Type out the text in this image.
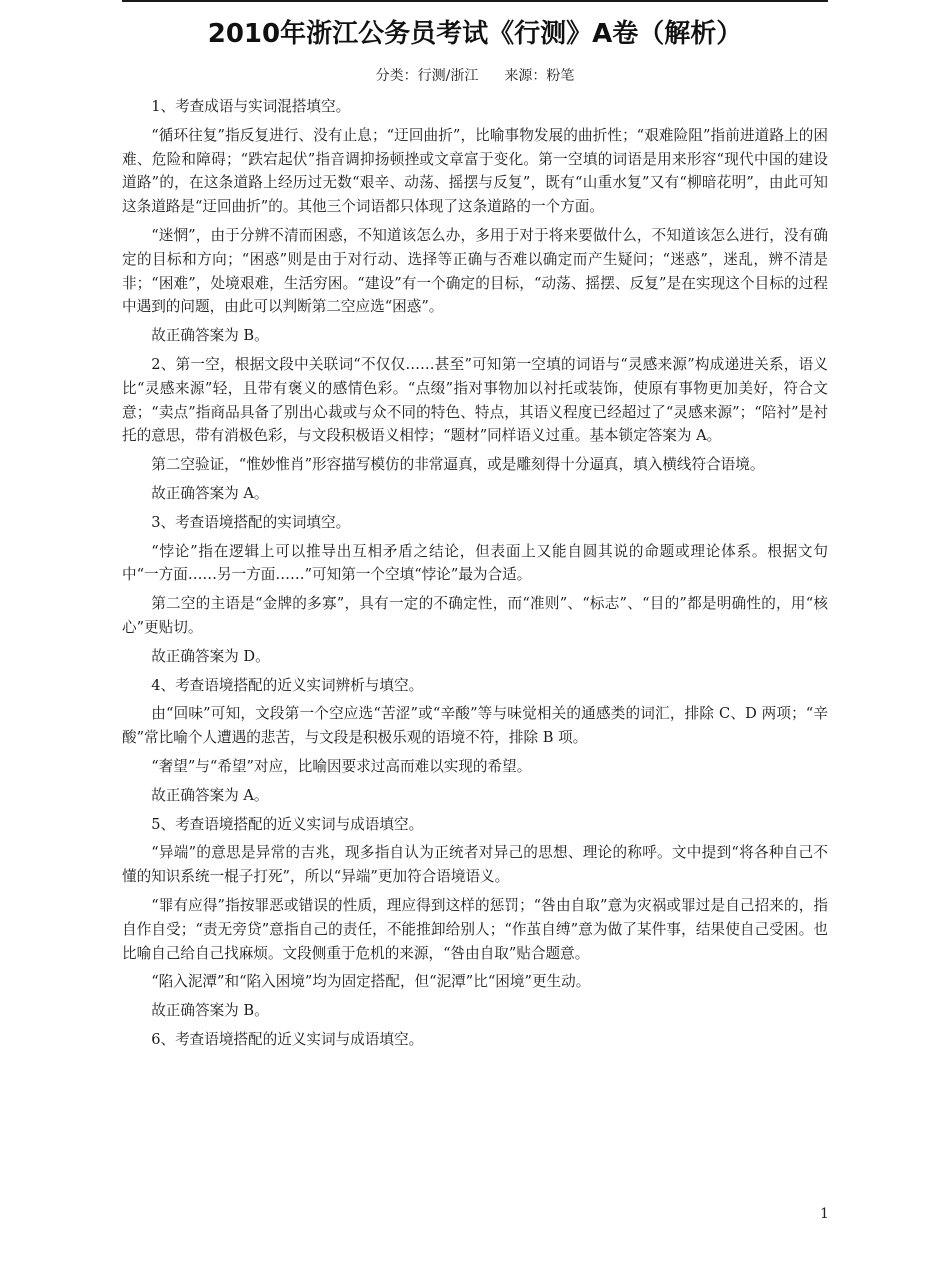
2010年浙江公务员考试《行测》A卷（解析）
分类：行测/浙江 来源：粉笔

1、考查成语与实词混搭填空。

“循环往复”指反复进行、没有止息；“迂回曲折”，比喻事物发展的曲折性；“艰难险阻”指前进道路上的困难、危险和障碍；“跌宕起伏”指音调抑扬顿挫或文章富于变化。第一空填的词语是用来形容“现代中国的建设道路”的，在这条道路上经历过无数“艰辛、动荡、摇摆与反复”，既有“山重水复”又有“柳暗花明”，由此可知这条道路是“迂回曲折”的。其他三个词语都只体现了这条道路的一个方面。

“迷惘”，由于分辨不清而困惑，不知道该怎么办，多用于对于将来要做什么，不知道该怎么进行，没有确定的目标和方向；“困惑”则是由于对行动、选择等正确与否难以确定而产生疑问；“迷惑”，迷乱，辨不清是非；“困难”，处境艰难，生活穷困。“建设”有一个确定的目标，“动荡、摇摆、反复”是在实现这个目标的过程中遇到的问题，由此可以判断第二空应选“困惑”。

故正确答案为 B。

2、第一空，根据文段中关联词“不仅仅……甚至”可知第一空填的词语与“灵感来源”构成递进关系，语义比“灵感来源”轻，且带有褒义的感情色彩。“点缀”指对事物加以衬托或装饰，使原有事物更加美好，符合文意；“卖点”指商品具备了别出心裁或与众不同的特色、特点，其语义程度已经超过了“灵感来源”；“陪衬”是衬托的意思，带有消极色彩，与文段积极语义相悖；“题材”同样语义过重。基本锁定答案为 A。

第二空验证，“惟妙惟肖”形容描写模仿的非常逼真，或是雕刻得十分逼真，填入横线符合语境。

故正确答案为 A。

3、考查语境搭配的实词填空。

“悖论”指在逻辑上可以推导出互相矛盾之结论，但表面上又能自圆其说的命题或理论体系。根据文句中“一方面……另一方面……”可知第一个空填“悖论”最为合适。

第二空的主语是“金牌的多寡”，具有一定的不确定性，而“准则”、“标志”、“目的”都是明确性的，用“核心”更贴切。

故正确答案为 D。

4、考查语境搭配的近义实词辨析与填空。

由“回味”可知，文段第一个空应选“苦涩”或“辛酸”等与味觉相关的通感类的词汇，排除 C、D 两项；“辛酸”常比喻个人遭遇的悲苦，与文段是积极乐观的语境不符，排除 B 项。

“奢望”与“希望”对应，比喻因要求过高而难以实现的希望。

故正确答案为 A。

5、考查语境搭配的近义实词与成语填空。

“异端”的意思是异常的吉兆，现多指自认为正统者对异己的思想、理论的称呼。文中提到“将各种自己不懂的知识系统一棍子打死”，所以“异端”更加符合语境语义。

“罪有应得”指按罪恶或错误的性质，理应得到这样的惩罚；“咎由自取”意为灾祸或罪过是自己招来的，指自作自受；“责无旁贷”意指自己的责任，不能推卸给别人；“作茧自缚”意为做了某件事，结果使自己受困。也比喻自己给自己找麻烦。文段侧重于危机的来源，“咎由自取”贴合题意。

“陷入泥潭”和“陷入困境”均为固定搭配，但“泥潭”比“困境”更生动。

故正确答案为 B。

6、考查语境搭配的近义实词与成语填空。

1
